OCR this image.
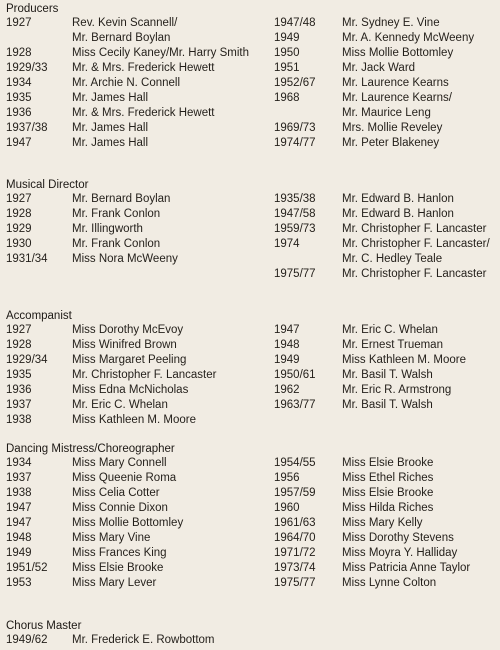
Producers
1927	Rev. Kevin Scannell/
Mr. Bernard Boylan
1928	Miss Cecily Kaney/Mr. Harry Smith
1929/33 Mr. & Mrs. Frederick Hewett
1934	Mr. Archie N. Connell
1935	Mr. James Hall
1936	Mr. & Mrs. Frederick Hewett
1937/38 Mr. James Hall
1947	Mr. James Hall
1947/48 Mr. Sydney E. Vine
1949	Mr. A. Kennedy McWeeny
1950	Miss Mollie Bottomley
1951	Mr. Jack Ward
1952/67 Mr. Laurence Kearns
1968	Mr. Laurence Kearns/
Mr. Maurice Leng
1969/73 Mrs. Mollie Reveley
1974/77 Mr. Peter Blakeney
Musical Director
1927	Mr. Bernard Boylan
1928	Mr. Frank Conlon
1929	Mr. Illingworth
1930	Mr. Frank Conlon
1931/34 Miss Nora McWeeny
1935/38 Mr. Edward B. Hanlon
1947/58 Mr. Edward B. Hanlon
1959/73 Mr. Christopher F. Lancaster
1974	Mr. Christopher F. Lancaster/
Mr. C. Hedley Teale
1975/77 Mr. Christopher F. Lancaster
Accompanist
1927	Miss Dorothy McEvoy
1928	Miss Winifred Brown
1929/34 Miss Margaret Peeling
1935	Mr. Christopher F. Lancaster
1936	Miss Edna McNicholas
1937	Mr. Eric C. Whelan
1938	Miss Kathleen M. Moore
1947	Mr. Eric C. Whelan
1948	Mr. Ernest Trueman
1949	Miss Kathleen M. Moore
1950/61 Mr. Basil T. Walsh
1962	Mr. Eric R. Armstrong
1963/77 Mr. Basil T. Walsh
Dancing Mistress/Choreographer
1934	Miss Mary Connell
1937	Miss Queenie Roma
1938	Miss Celia Cotter
1947	Miss Connie Dixon
1947	Miss Mollie Bottomley
1948	Miss Mary Vine
1949	Miss Frances King
1951/52 Miss Elsie Brooke
1953	Miss Mary Lever
1954/55 Miss Elsie Brooke
1956	Miss Ethel Riches
1957/59 Miss Elsie Brooke
1960	Miss Hilda Riches
1961/63 Miss Mary Kelly
1964/70 Miss Dorothy Stevens
1971/72 Miss Moyra Y. Halliday
1973/74 Miss Patricia Anne Taylor
1975/77 Miss Lynne Colton
Chorus Master
1949/62 Mr. Frederick E. Rowbottom
